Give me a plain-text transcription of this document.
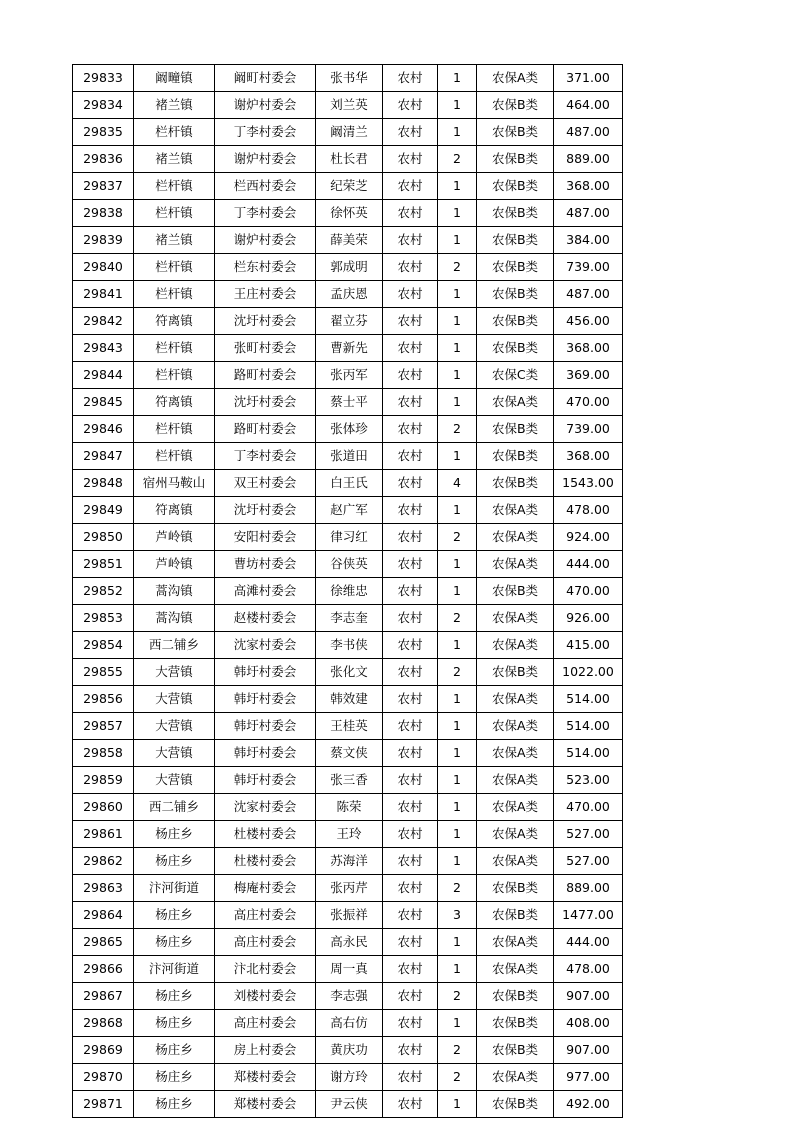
29833	阚疃镇	阚町村委会	张书华	农村	1	农保A类	371.00
29834	褚兰镇	谢炉村委会	刘兰英	农村	1	农保B类	464.00
29835	栏杆镇	丁李村委会	阚清兰	农村	1	农保B类	487.00
29836	褚兰镇	谢炉村委会	杜长君	农村	2	农保B类	889.00
29837	栏杆镇	栏西村委会	纪荣芝	农村	1	农保B类	368.00
29838	栏杆镇	丁李村委会	徐怀英	农村	1	农保B类	487.00
29839	褚兰镇	谢炉村委会	薛美荣	农村	1	农保B类	384.00
29840	栏杆镇	栏东村委会	郭成明	农村	2	农保B类	739.00
29841	栏杆镇	王庄村委会	孟庆恩	农村	1	农保B类	487.00
29842	符离镇	沈圩村委会	翟立芬	农村	1	农保B类	456.00
29843	栏杆镇	张町村委会	曹新先	农村	1	农保B类	368.00
29844	栏杆镇	路町村委会	张丙军	农村	1	农保C类	369.00
29845	符离镇	沈圩村委会	蔡士平	农村	1	农保A类	470.00
29846	栏杆镇	路町村委会	张体珍	农村	2	农保B类	739.00
29847	栏杆镇	丁李村委会	张道田	农村	1	农保B类	368.00
29848	宿州马鞍山	双王村委会	白王氏	农村	4	农保B类	1543.00
29849	符离镇	沈圩村委会	赵广军	农村	1	农保A类	478.00
29850	芦岭镇	安阳村委会	律习红	农村	2	农保A类	924.00
29851	芦岭镇	曹坊村委会	谷侠英	农村	1	农保A类	444.00
29852	蒿沟镇	高滩村委会	徐维忠	农村	1	农保B类	470.00
29853	蒿沟镇	赵楼村委会	李志奎	农村	2	农保A类	926.00
29854	西二铺乡	沈家村委会	李书侠	农村	1	农保A类	415.00
29855	大营镇	韩圩村委会	张化文	农村	2	农保B类	1022.00
29856	大营镇	韩圩村委会	韩效建	农村	1	农保A类	514.00
29857	大营镇	韩圩村委会	王桂英	农村	1	农保A类	514.00
29858	大营镇	韩圩村委会	蔡文侠	农村	1	农保A类	514.00
29859	大营镇	韩圩村委会	张三香	农村	1	农保A类	523.00
29860	西二铺乡	沈家村委会	陈荣	农村	1	农保A类	470.00
29861	杨庄乡	杜楼村委会	王玲	农村	1	农保A类	527.00
29862	杨庄乡	杜楼村委会	苏海洋	农村	1	农保A类	527.00
29863	汴河街道	梅庵村委会	张丙芹	农村	2	农保B类	889.00
29864	杨庄乡	高庄村委会	张振祥	农村	3	农保B类	1477.00
29865	杨庄乡	高庄村委会	高永民	农村	1	农保A类	444.00
29866	汴河街道	汴北村委会	周一真	农村	1	农保A类	478.00
29867	杨庄乡	刘楼村委会	李志强	农村	2	农保B类	907.00
29868	杨庄乡	高庄村委会	高右仿	农村	1	农保B类	408.00
29869	杨庄乡	房上村委会	黄庆功	农村	2	农保B类	907.00
29870	杨庄乡	郑楼村委会	谢方玲	农村	2	农保A类	977.00
29871	杨庄乡	郑楼村委会	尹云侠	农村	1	农保B类	492.00
